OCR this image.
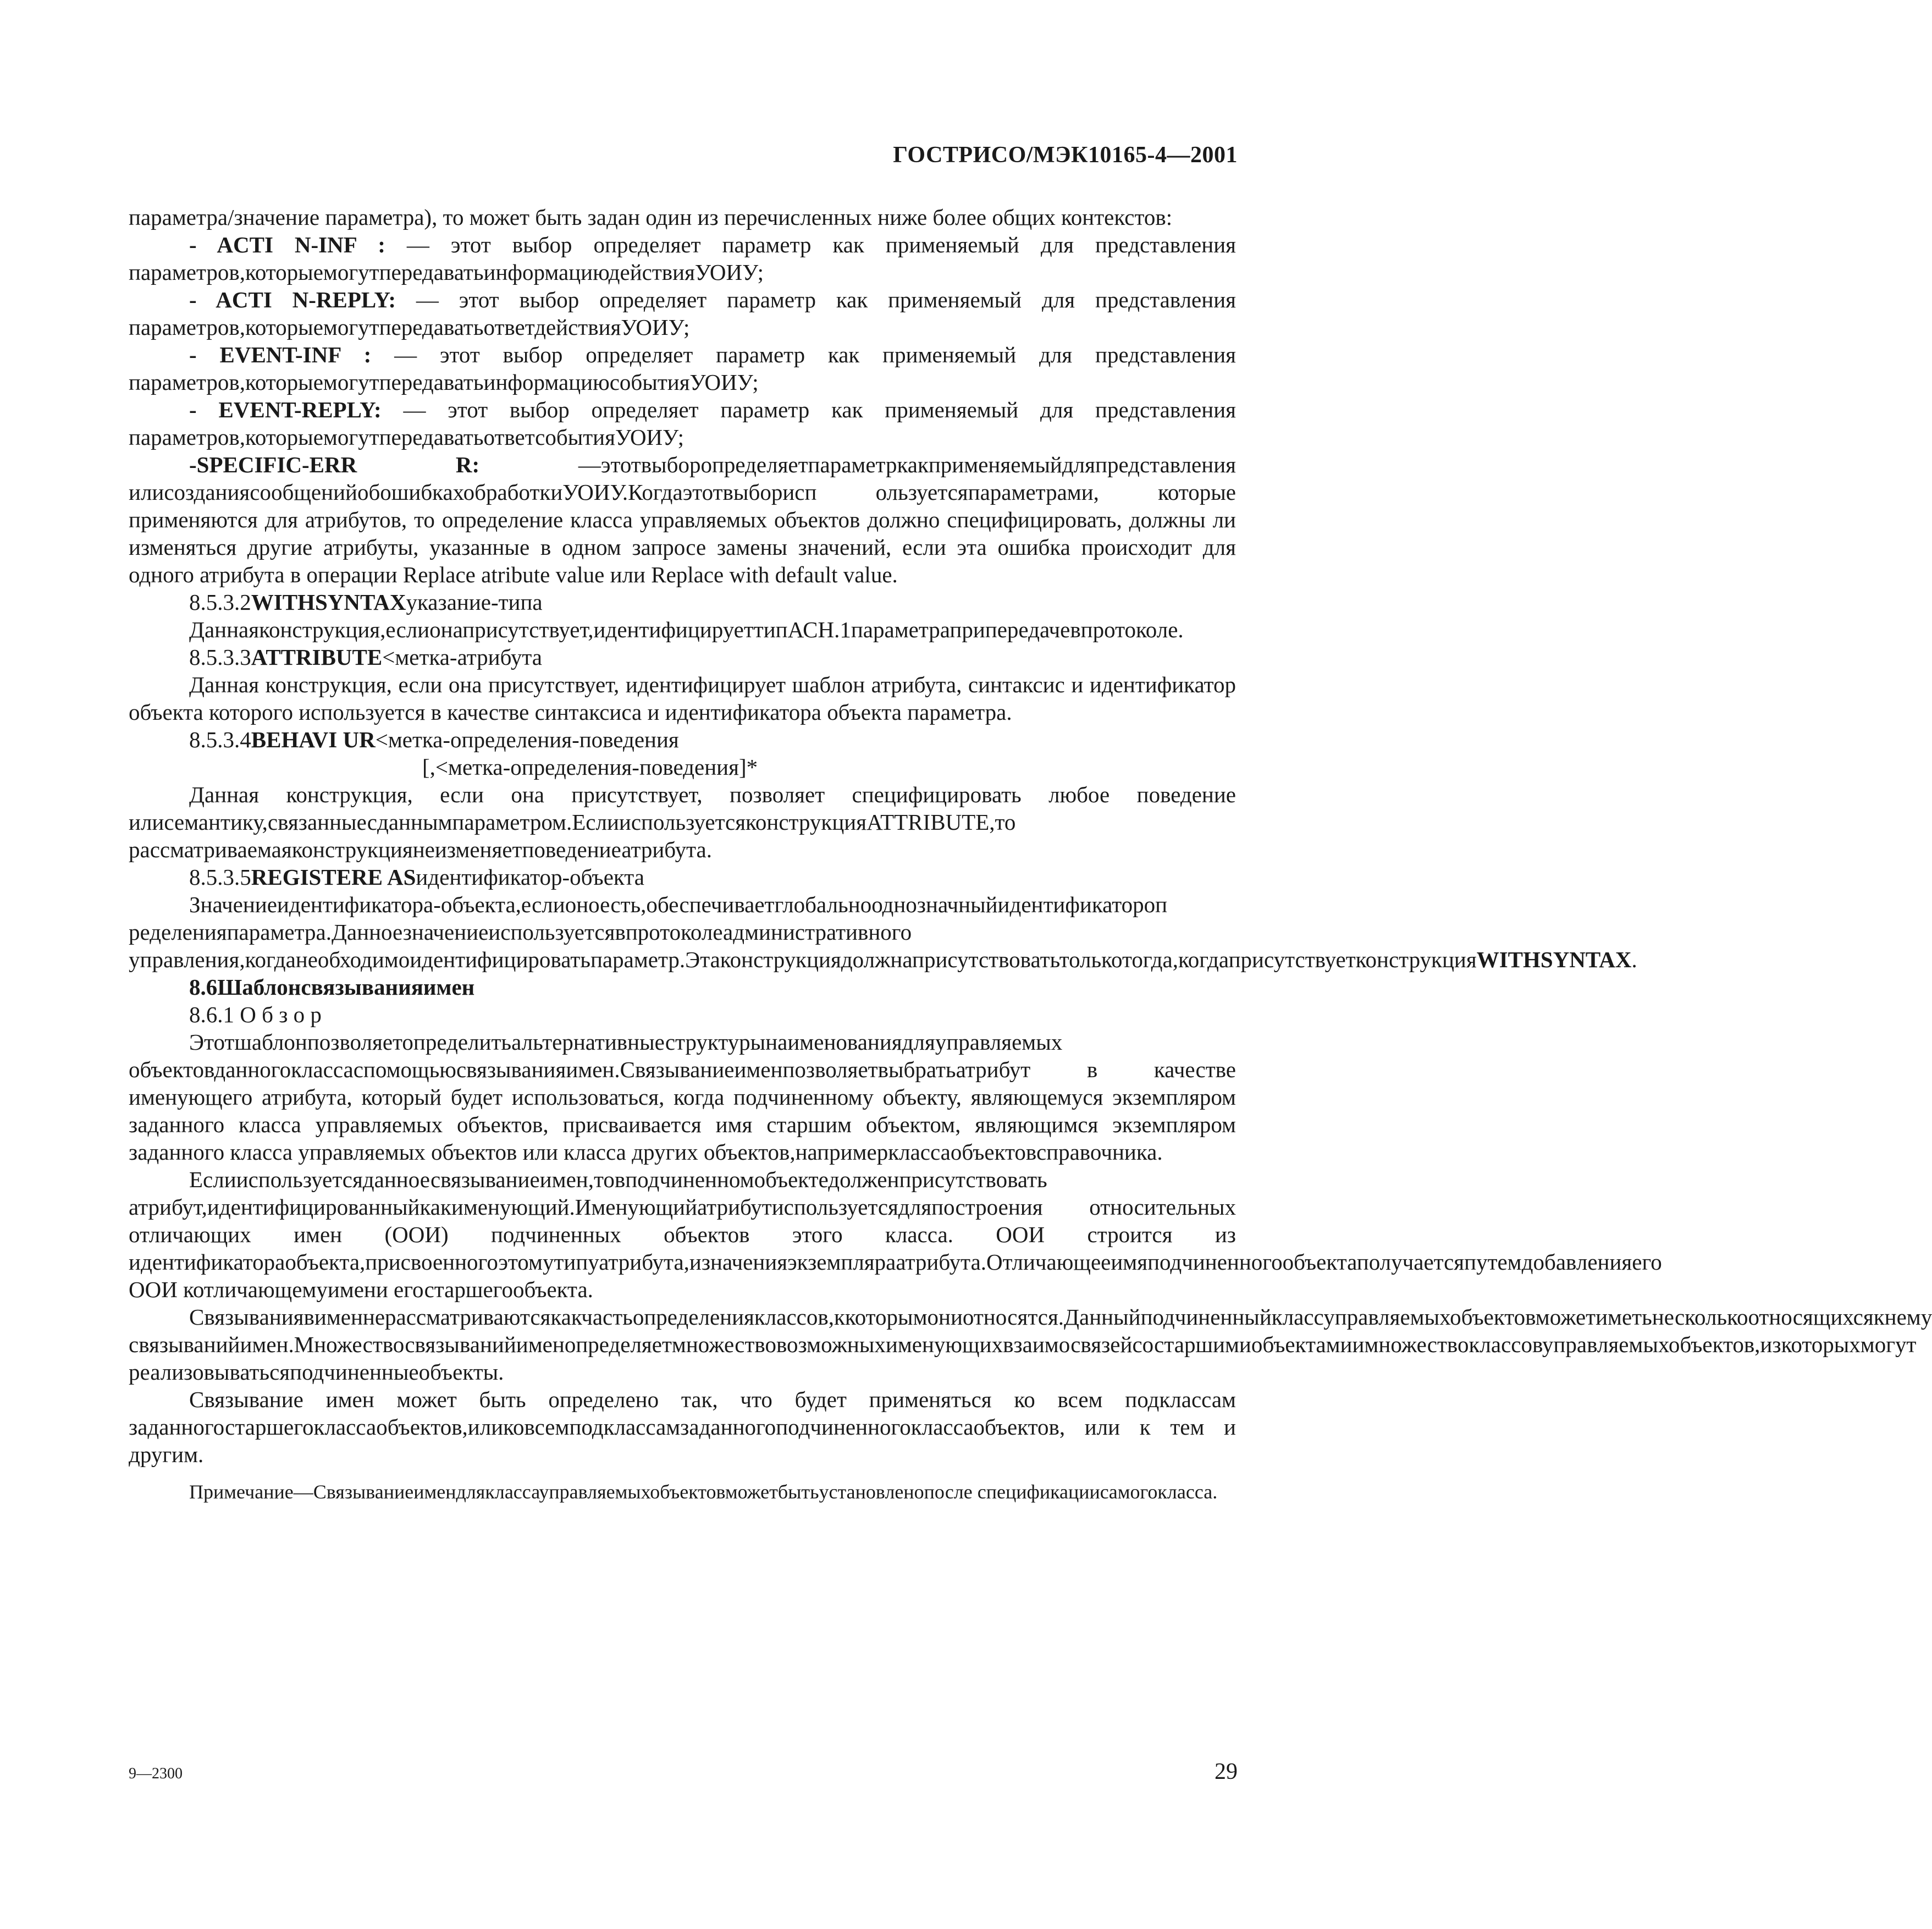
ГОСТРИСО/МЭК10165-4—2001

параметра/значение параметра), то может быть задан один из перечисленных ниже более общих контекстов:

- ACTI N-INF : — этот выбор определяет параметр как применяемый для представления параметров,которыемогутпередаватьинформациюдействияУОИУ;

- ACTI N-REPLY: — этот выбор определяет параметр как применяемый для представления параметров,которыемогутпередаватьответдействияУОИУ;

- EVENT-INF : — этот выбор определяет параметр как применяемый для представления параметров,которыемогутпередаватьинформациюсобытияУОИУ;

- EVENT-REPLY: — этот выбор определяет параметр как применяемый для представления параметров,которыемогутпередаватьответсобытияУОИУ;

-SPECIFIC-ERR R:	—этотвыборопределяетпараметркакприменяемыйдляпредставления илисозданиясообщенийобошибкахобработкиУОИУ.Когдаэтотвыборисп ользуетсяпараметрами, которые применяются для атрибутов, то определение класса управляемых объектов должно специфицировать, должны ли изменяться другие атрибуты, указанные в одном запросе замены значений, если эта ошибка происходит для одного атрибута в операции Replace atribute value или Replace with default value.

8.5.3.2WITHSYNTAXуказание-типа

Даннаяконструкция,еслионаприсутствует,идентифицируеттипАСН.1параметраприпередачевпротоколе.

8.5.3.3ATTRIBUTE<метка-атрибута

Данная конструкция, если она присутствует, идентифицирует шаблон атрибута, синтаксис и идентификатор объекта которого используется в качестве синтаксиса и идентификатора объекта параметра.

8.5.3.4BEHAVI UR<метка-определения-поведения

[,<метка-определения-поведения]*

Данная конструкция, если она присутствует, позволяет специфицировать любое поведение илисемантику,связанныесданнымпараметром.ЕслииспользуетсяконструкцияATTRIBUTE,то рассматриваемаяконструкциянеизменяетповедениеатрибута.

8.5.3.5REGISTERE ASидентификатор-объекта

Значениеидентификатора-объекта,еслионоесть,обеспечиваетглобальнооднозначныйидентификатороп ределенияпараметра.Данноезначениеиспользуетсявпротоколеадминистративного управления,когданеобходимоидентифицироватьпараметр.Этаконструкциядолжнаприсутствоватьтолькотогда,когдаприсутствуетконструкцияWITHSYNTAX.

8.6Шаблонсвязыванияимен

8.6.1 О б з о р

Этотшаблонпозволяетопределитьальтернативныеструктурынаименованиядляуправляемых объектовданногоклассаспомощьюсвязыванияимен.Связываниеименпозволяетвыбратьатрибут в качестве именующего атрибута, который будет использоваться, когда подчиненному объекту, являющемуся экземпляром заданного класса управляемых объектов, присваивается имя старшим объектом, являющимся экземпляром заданного класса управляемых объектов или класса других объектов,напримерклассаобъектовсправочника.

Еслииспользуетсяданноесвязываниеимен,товподчиненномобъектедолженприсутствовать атрибут,идентифицированныйкакименующий.Именующийатрибутиспользуетсядляпостроения относительных отличающих имен (ООИ) подчиненных объектов этого класса. ООИ строится из идентификатораобъекта,присвоенногоэтомутипуатрибута,изначенияэкземпляраатрибута.Отличающееимяподчиненногообъектаполучаетсяпутемдобавленияего ООИ котличающемуимени егостаршегообъекта.

Связываниявименнерассматриваютсякакчастьопределенияклассов,ккоторымониотносятся.Данныйподчиненныйклассуправляемыхобъектовможетиметьнесколькоотносящихсякнему связыванийимен.Множествосвязыванийименопределяетмножествовозможныхименующихвзаимосвязейсостаршимиобъектамиимножествоклассовуправляемыхобъектов,изкоторыхмогут реализовыватьсяподчиненныеобъекты.

Связывание имен может быть определено так, что будет применяться ко всем подклассам заданногостаршегоклассаобъектов,иликовсемподклассамзаданногоподчиненногоклассаобъектов, или к тем и другим.

Примечание—Связываниеимендляклассауправляемыхобъектовможетбытьустановленопосле спецификацииcамогокласса.

9—2300	29
